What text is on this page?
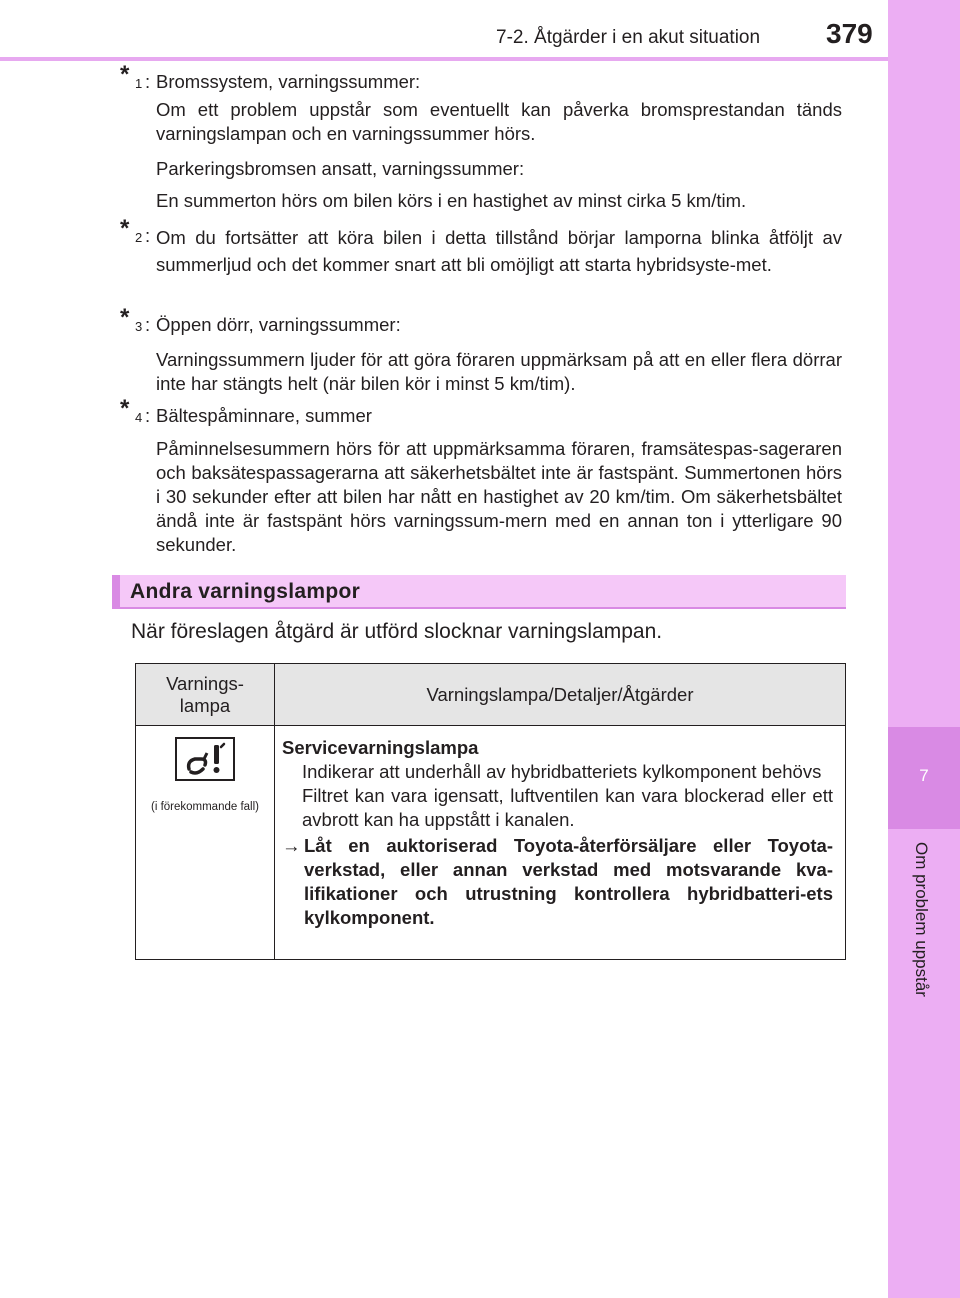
7-2. Åtgärder i en akut situation 379
7
Om problem uppstår
* 1 : Bromssystem, varningssummer:

Om ett problem uppstår som eventuellt kan påverka bromsprestandan tänds varningslampan och en varningssummer hörs.

Parkeringsbromsen ansatt, varningssummer:

En summerton hörs om bilen körs i en hastighet av minst cirka 5 km/tim.

* 2 : Om du fortsätter att köra bilen i detta tillstånd börjar lamporna blinka åtföljt av summerljud och det kommer snart att bli omöjligt att starta hybridsyste-met.

* 3 : Öppen dörr, varningssummer:

Varningssummern ljuder för att göra föraren uppmärksam på att en eller flera dörrar inte har stängts helt (när bilen kör i minst 5 km/tim).

* 4 : Bältespåminnare, summer

Påminnelsesummern hörs för att uppmärksamma föraren, framsätespas-sageraren och baksätespassagerarna att säkerhetsbältet inte är fastspänt. Summertonen hörs i 30 sekunder efter att bilen har nått en hastighet av 20 km/tim. Om säkerhetsbältet ändå inte är fastspänt hörs varningssum-mern med en annan ton i ytterligare 90 sekunder.

Andra varningslampor
När föreslagen åtgärd är utförd slocknar varningslampan.
Varnings-
lampa	Varningslampa/Detaljer/Åtgärder

(i förekommande fall)	Servicevarningslampa
Indikerar att underhåll av hybridbatteriets kylkomponent behövs
Filtret kan vara igensatt, luftventilen kan vara blockerad eller ett avbrott kan ha uppstått i kanalen.
→ Låt en auktoriserad Toyota-återförsäljare eller Toyota-verkstad, eller annan verkstad med motsvarande kva-lifikationer och utrustning kontrollera hybridbatteri-ets kylkomponent.
